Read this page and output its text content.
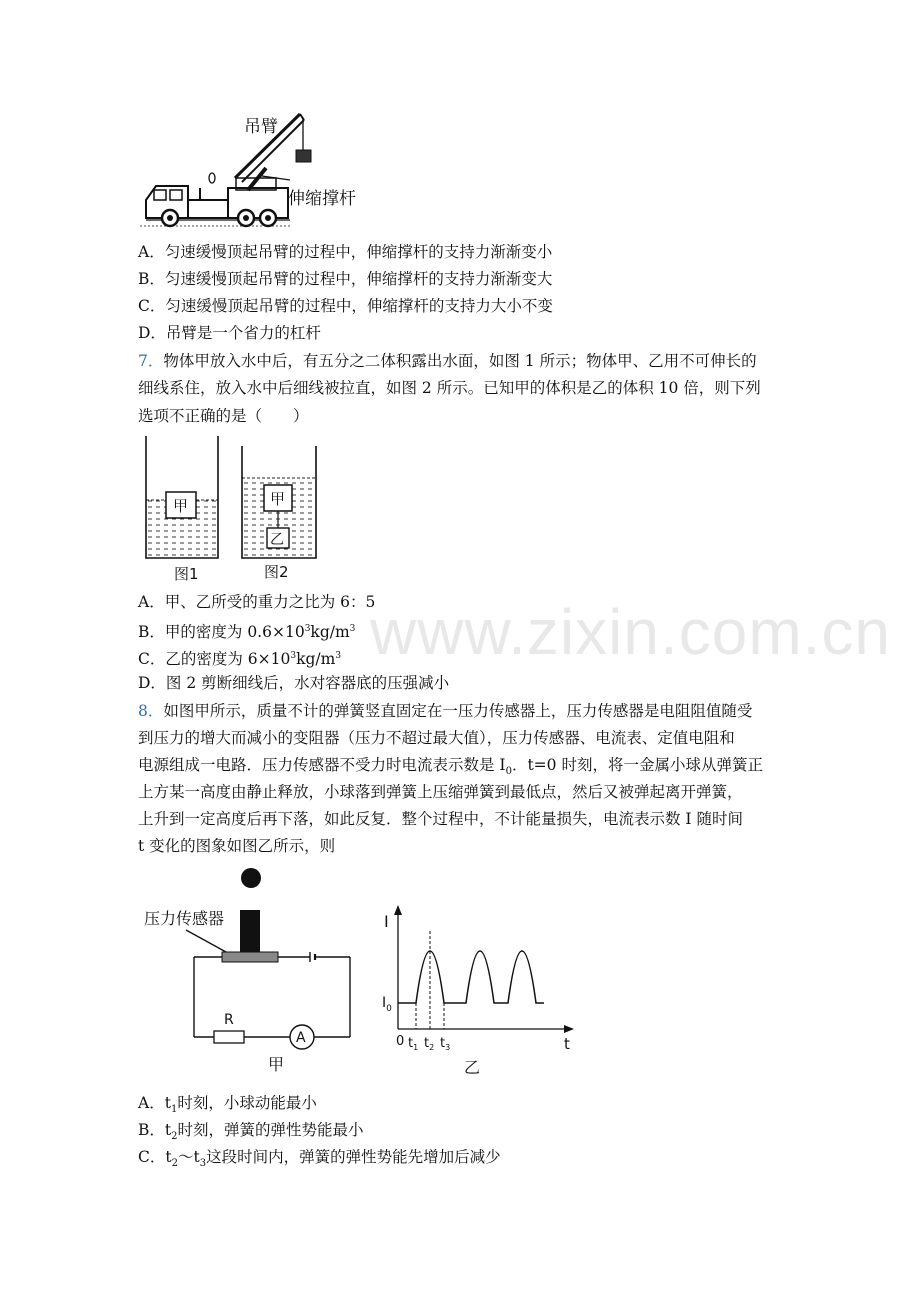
吊臂
伸缩撑杆
A．匀速缓慢顶起吊臂的过程中，伸缩撑杆的支持力渐渐变小
B．匀速缓慢顶起吊臂的过程中，伸缩撑杆的支持力渐渐变大
C．匀速缓慢顶起吊臂的过程中，伸缩撑杆的支持力大小不变
D．吊臂是一个省力的杠杆
7．物体甲放入水中后，有五分之二体积露出水面，如图 1 所示；物体甲、乙用不可伸长的
细线系住，放入水中后细线被拉直，如图 2 所示。已知甲的体积是乙的体积 10 倍，则下列
选项不正确的是（　　）
甲
图1
甲
乙
图2
A．甲、乙所受的重力之比为 6：5
B．甲的密度为 $0.6\times 10^3kg/m^3$
C．乙的密度为 $6\times 10^3kg/m^3$
D．图 2 剪断细线后，水对容器底的压强减小
8．如图甲所示，质量不计的弹簧竖直固定在一压力传感器上，压力传感器是电阻阻值随受
到压力的增大而减小的变阻器（压力不超过最大值），压力传感器、电流表、定值电阻和
电源组成一电路．压力传感器不受力时电流表示数是 $I_0$．t=0 时刻，将一金属小球从弹簧正
上方某一高度由静止释放，小球落到弹簧上压缩弹簧到最低点，然后又被弹起离开弹簧，
上升到一定高度后再下落，如此反复．整个过程中，不计能量损失，电流表示数 I 随时间
t 变化的图象如图乙所示，则
压力传感器
R
A
甲
I
t
0
$I_0$
$t_1$ $t_2$ $t_3$
乙
A．$t_1$时刻，小球动能最小
B．$t_2$时刻，弹簧的弹性势能最小
C．$t_2\sim t_3$这段时间内，弹簧的弹性势能先增加后减少
www.zixin.com.cn
